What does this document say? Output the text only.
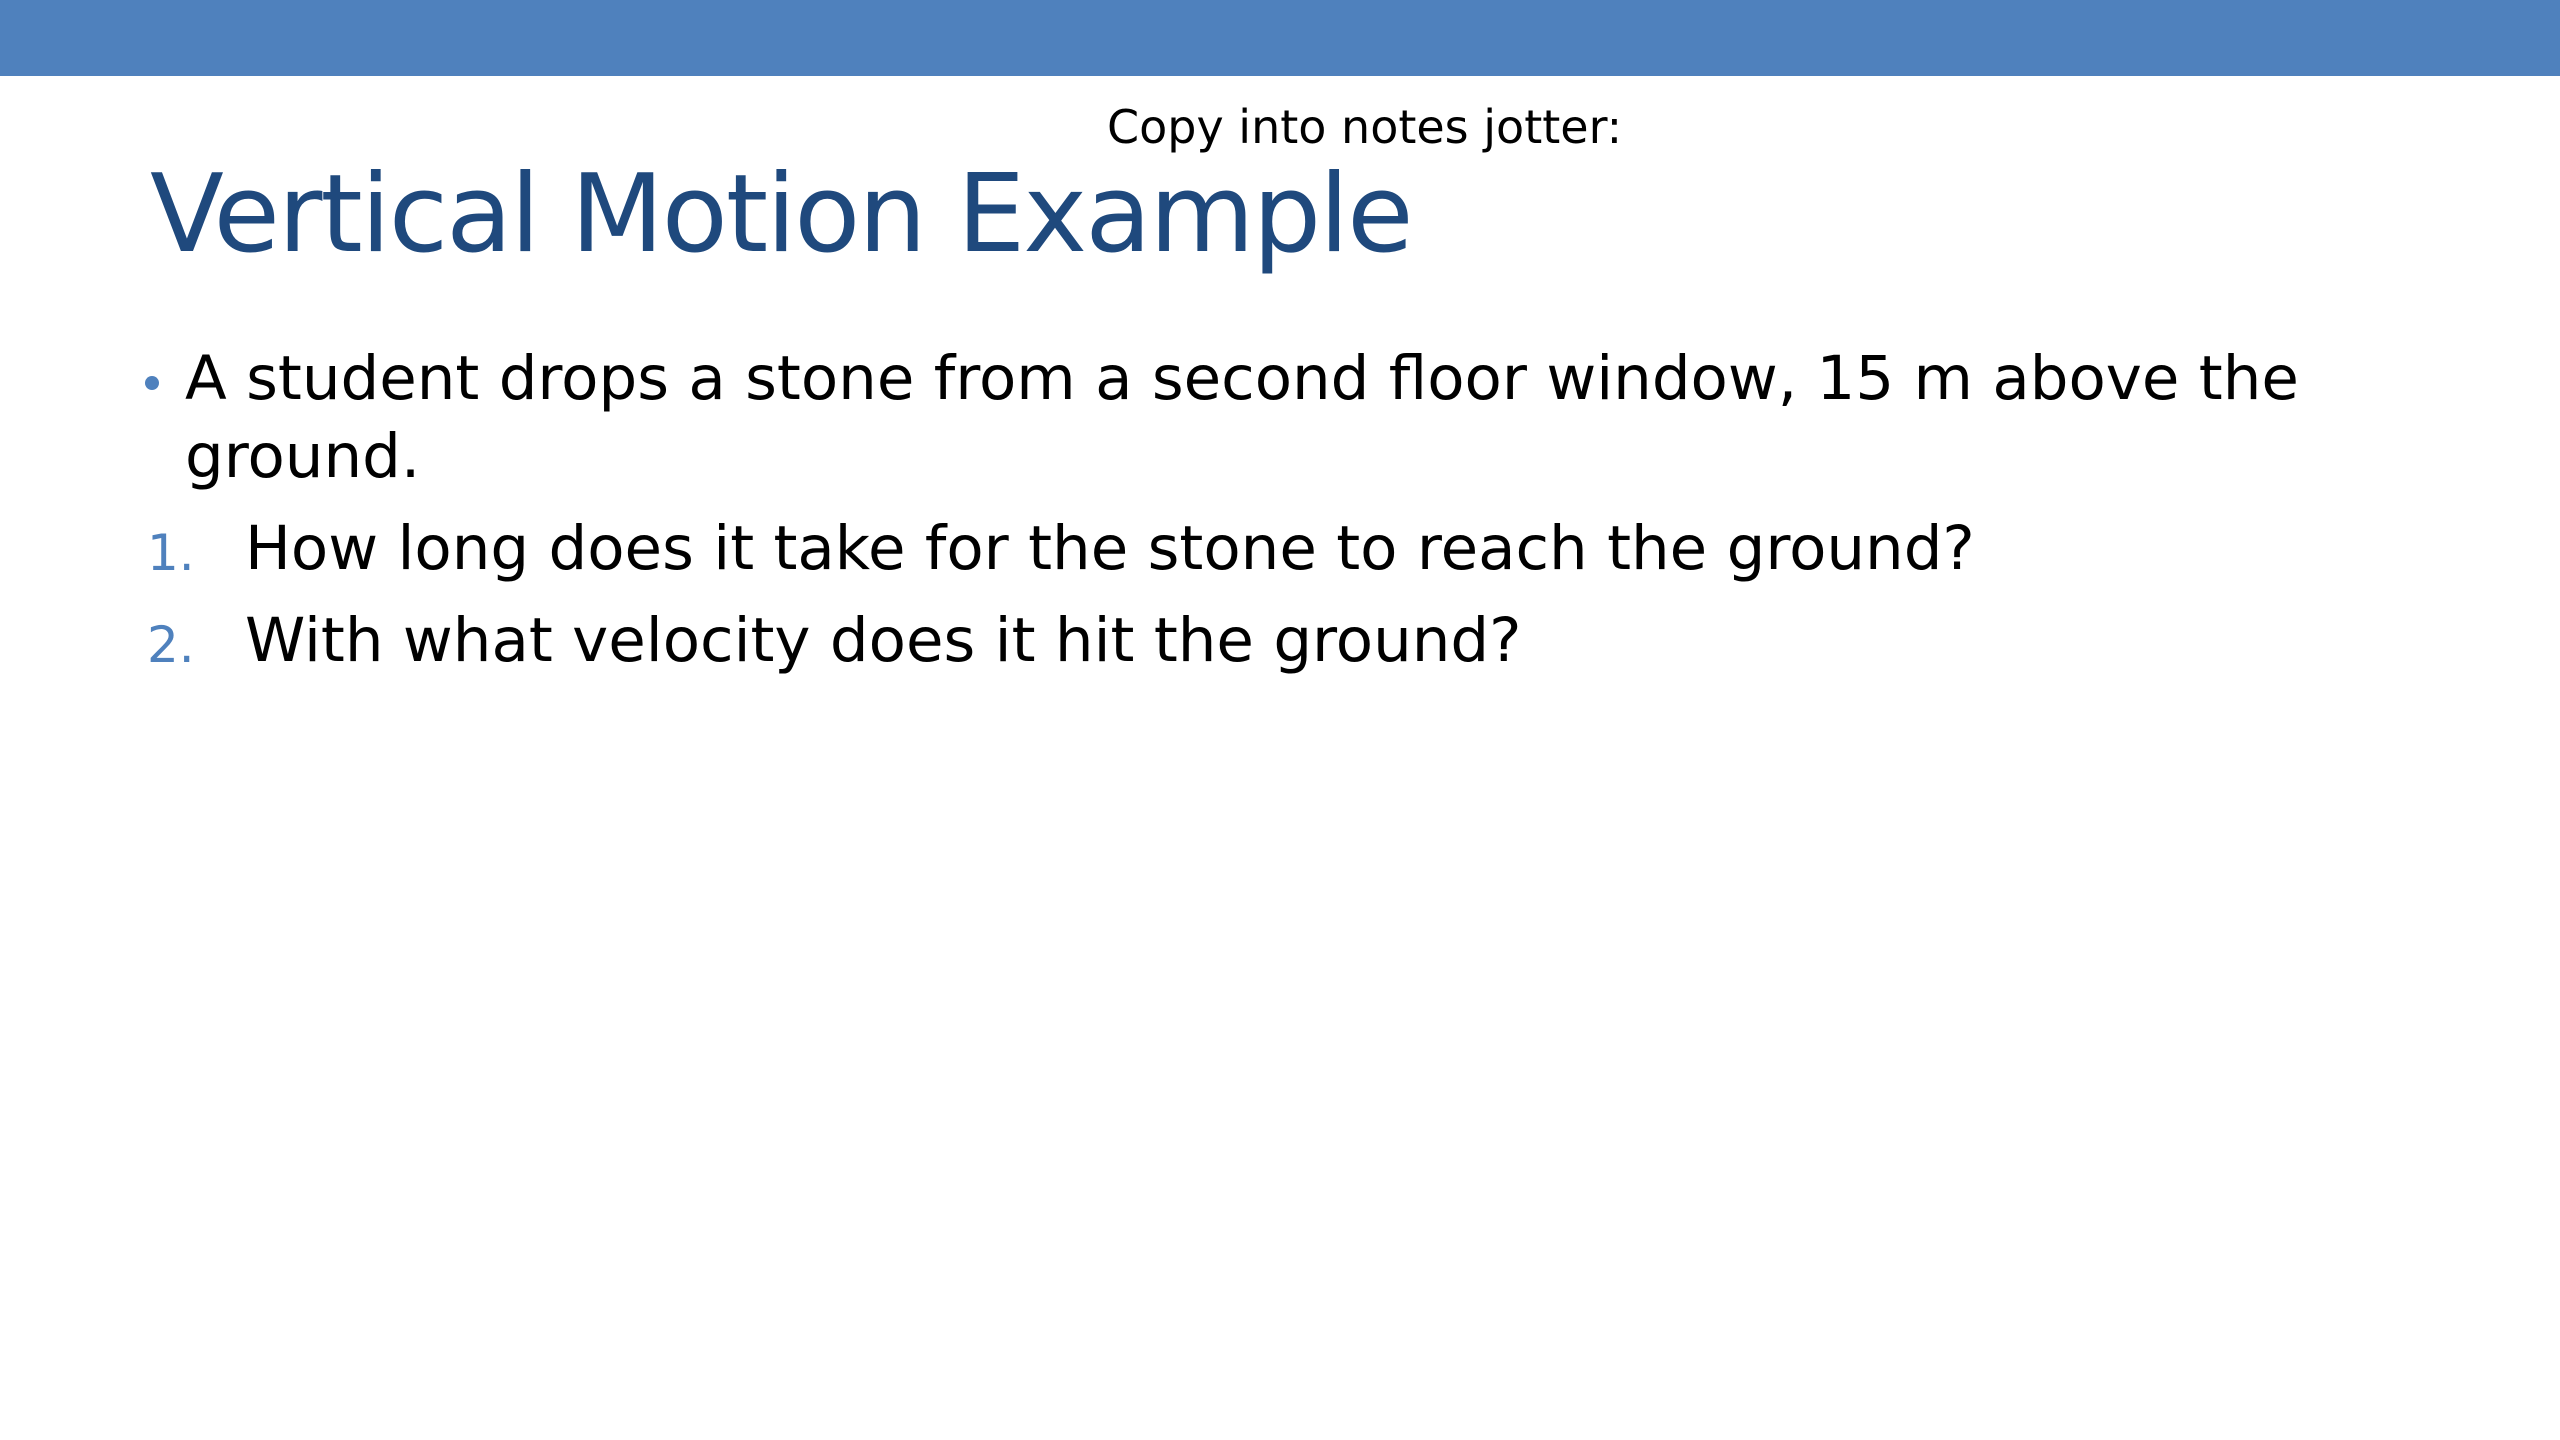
Copy into notes jotter:
Vertical Motion Example
A student drops a stone from a second floor window, 15 m above the ground.
1. How long does it take for the stone to reach the ground?
2. With what velocity does it hit the ground?
